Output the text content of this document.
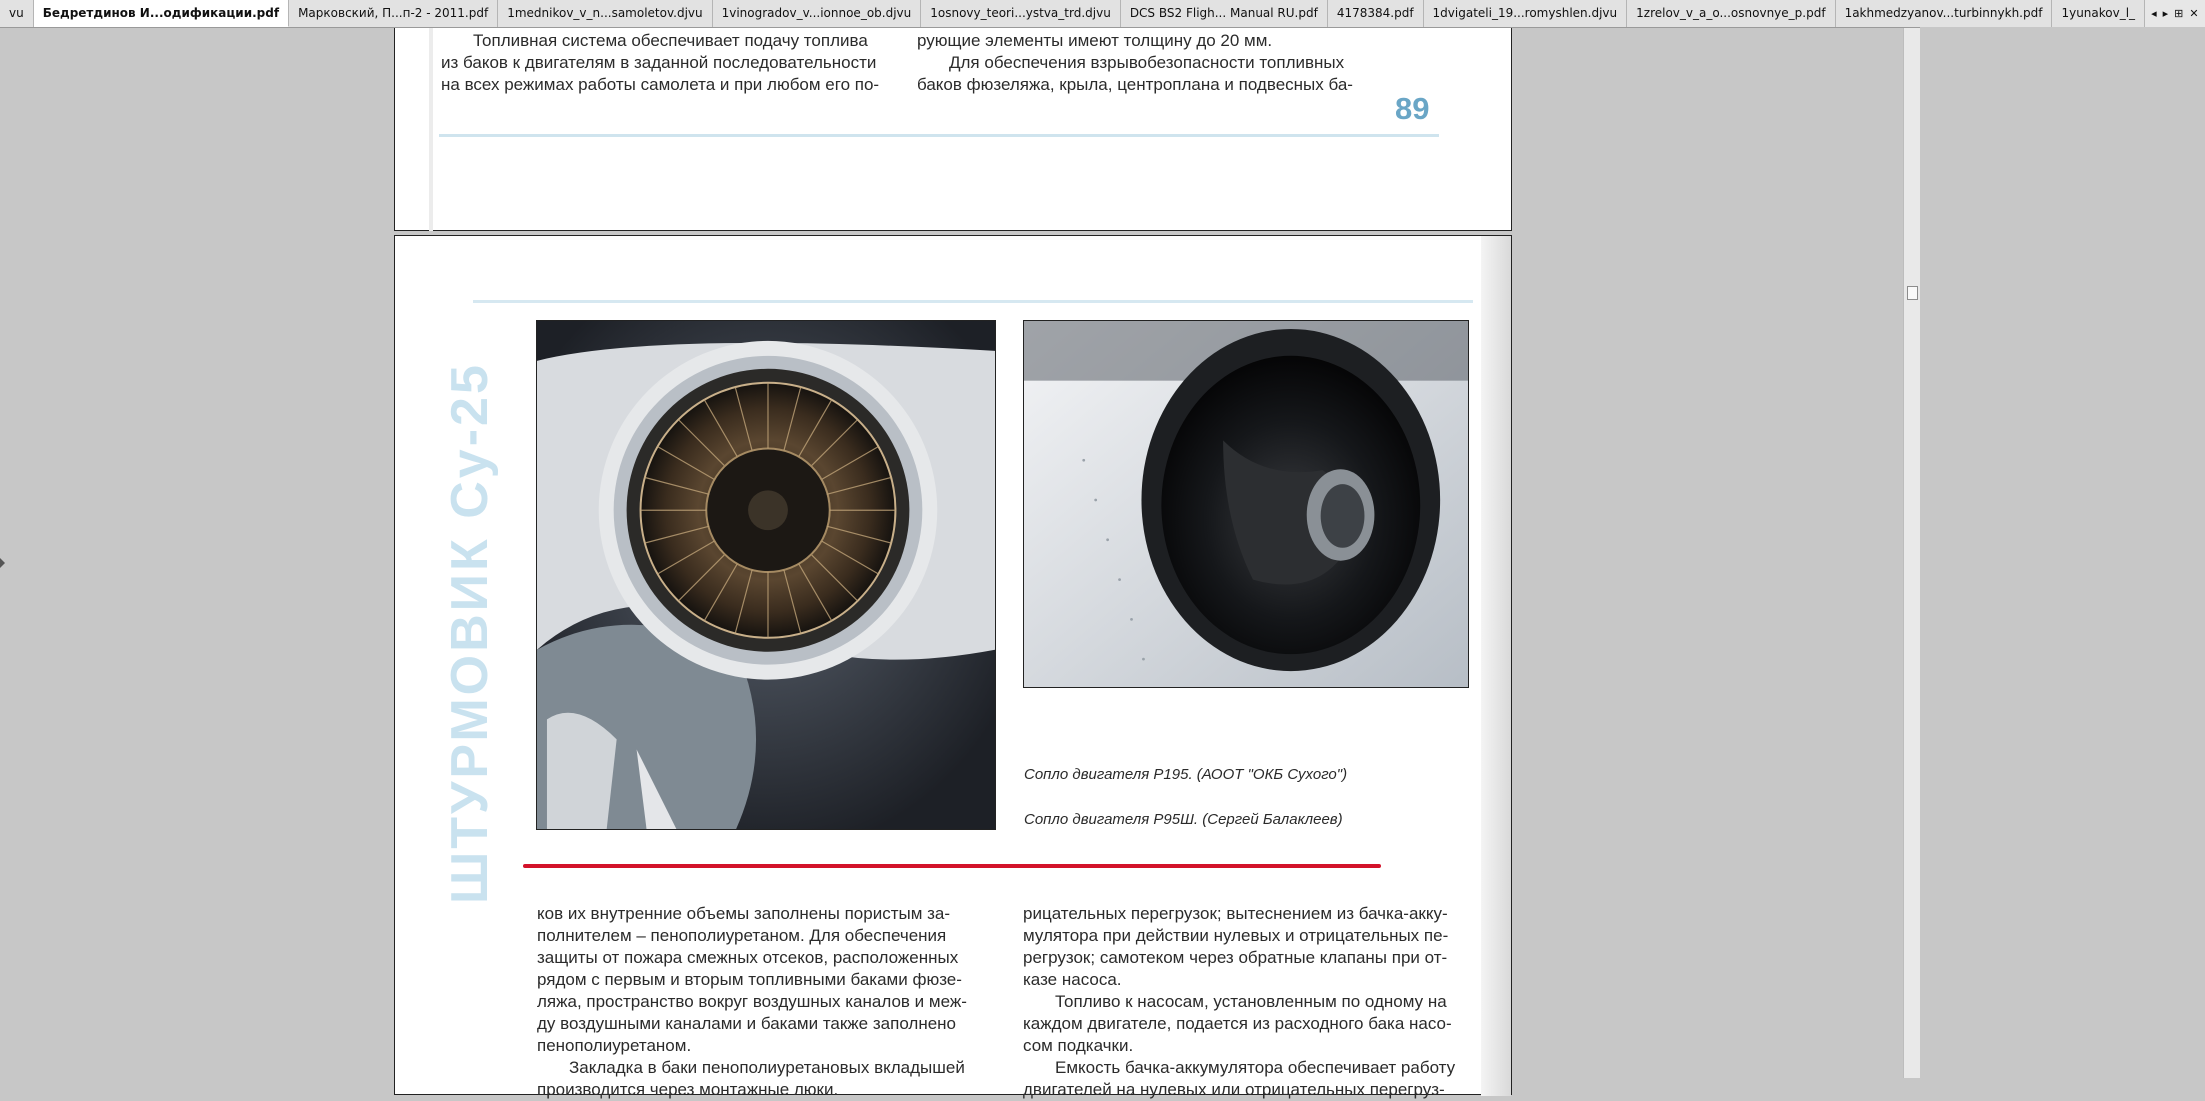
vu	Бедретдинов И...одификации.pdf	Марковский, П...п-2 - 2011.pdf	1mednikov_v_n...samoletov.djvu	1vinogradov_v...ionnoe_ob.djvu	1osnovy_teori...ystva_trd.djvu	DCS BS2 Fligh... Manual RU.pdf	4178384.pdf	1dvigateli_19...romyshlen.djvu	1zrelov_v_a_o...osnovnye_p.pdf	1akhmedzyanov...turbinnykh.pdf	1yunakov_l_	◂ ▸ ⊞ ✕

Топливная система обеспечивает подачу топлива

из баков к двигателям в заданной последовательности

на всех режимах работы самолета и при любом его по-

рующие элементы имеют толщину до 20 мм.

Для обеспечения взрывобезопасности топливных

баков фюзеляжа, крыла, центроплана и подвесных ба-

89
ШТУРМОВИК Су-25	Сопло двигателя Р195. (АООТ "ОКБ Сухого")
Сопло двигателя Р95Ш. (Сергей Балаклеев)

ков их внутренние объемы заполнены пористым за-

полнителем – пенополиуретаном. Для обеспечения

защиты от пожара смежных отсеков, расположенных

рядом с первым и вторым топливными баками фюзе-

ляжа, пространство вокруг воздушных каналов и меж-

ду воздушными каналами и баками также заполнено

пенополиуретаном.

Закладка в баки пенополиуретановых вкладышей

производится через монтажные люки.

рицательных перегрузок; вытеснением из бачка-акку-

мулятора при действии нулевых и отрицательных пе-

регрузок; самотеком через обратные клапаны при от-

казе насоса.

Топливо к насосам, установленным по одному на

каждом двигателе, подается из расходного бака насо-

сом подкачки.

Емкость бачка-аккумулятора обеспечивает работу

двигателей на нулевых или отрицательных перегруз-
